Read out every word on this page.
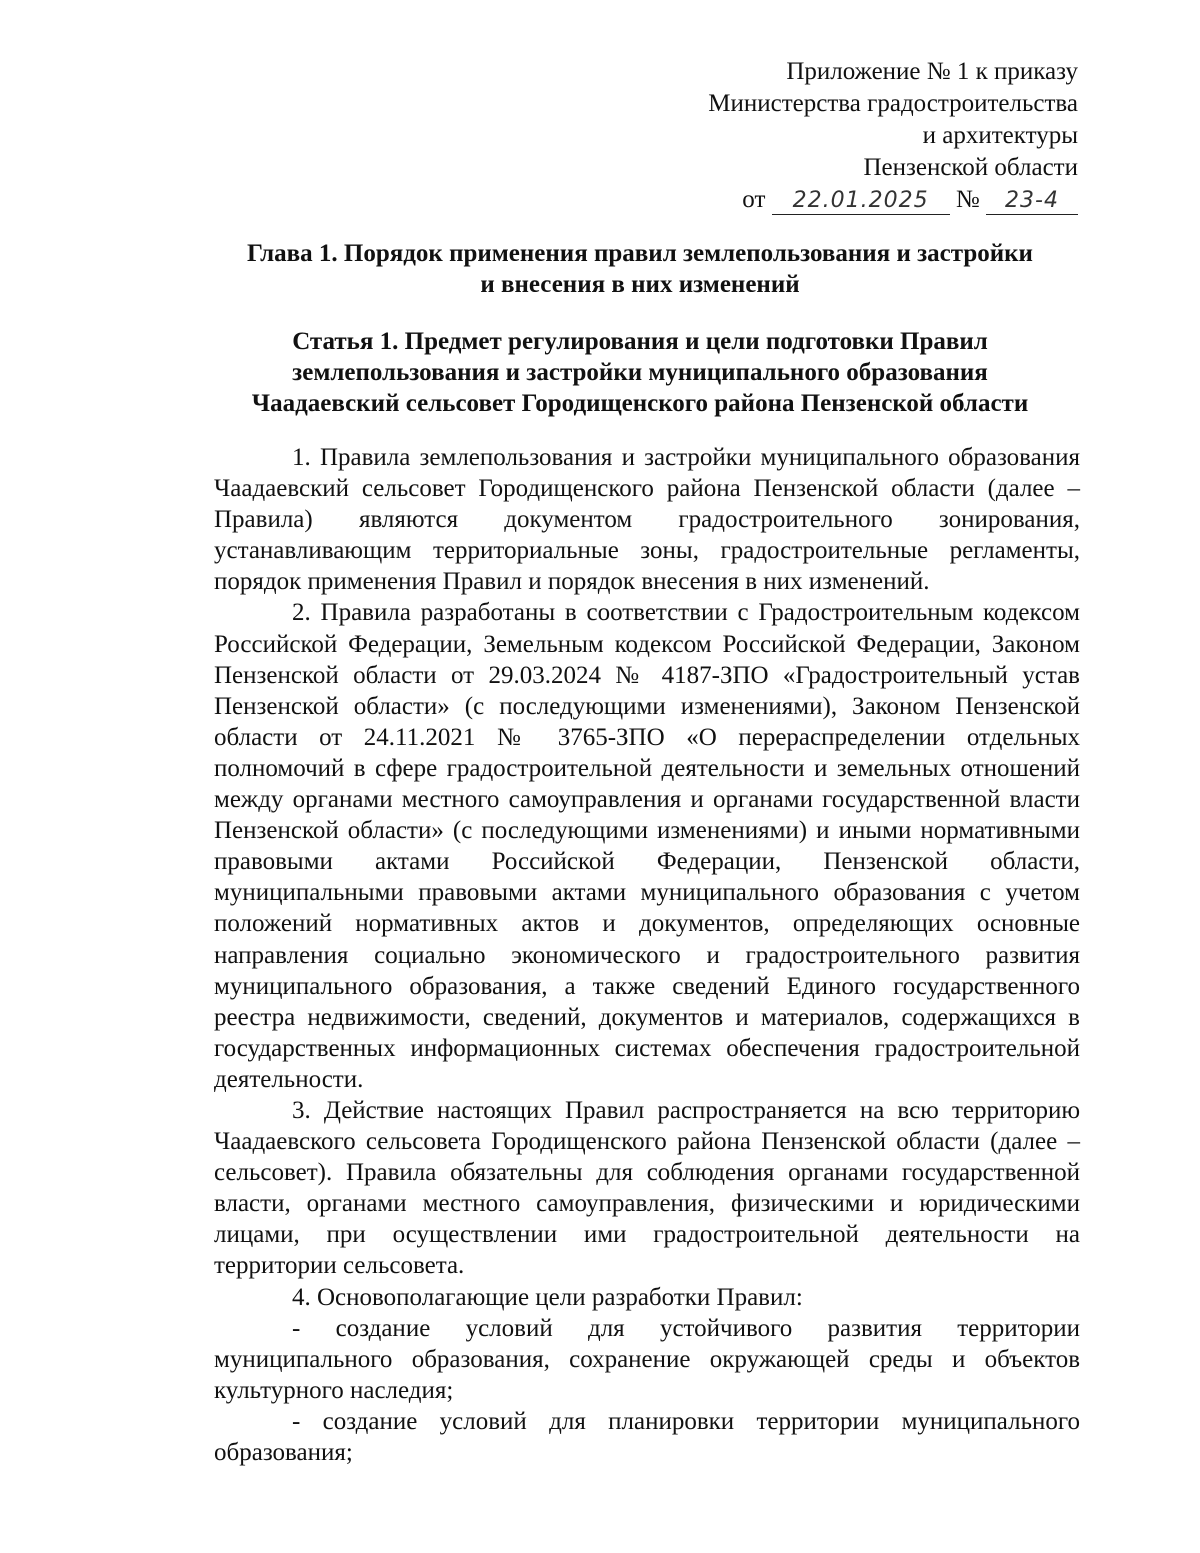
Приложение № 1 к приказу
Министерства градостроительства
и архитектуры
Пензенской области
от 22.01.2025 № 23-4
Глава 1. Порядок применения правил землепользования и застройки
и внесения в них изменений
Статья 1. Предмет регулирования и цели подготовки Правил
землепользования и застройки муниципального образования
Чаадаевский сельсовет Городищенского района Пензенской области

1. Правила землепользования и застройки муниципального образования Чаадаевский сельсовет Городищенского района Пензенской области (далее – Правила) являются документом градостроительного зонирования, устанавливающим территориальные зоны, градостроительные регламенты, порядок применения Правил и порядок внесения в них изменений.

2. Правила разработаны в соответствии с Градостроительным кодексом Российской Федерации, Земельным кодексом Российской Федерации, Законом Пензенской области от 29.03.2024 № 4187-ЗПО «Градостроительный устав Пензенской области» (с последующими изменениями), Законом Пензенской области от 24.11.2021 № 3765-ЗПО «О перераспределении отдельных полномочий в сфере градостроительной деятельности и земельных отношений между органами местного самоуправления и органами государственной власти Пензенской области» (с последующими изменениями) и иными нормативными правовыми актами Российской Федерации, Пензенской области, муниципальными правовыми актами муниципального образования с учетом положений нормативных актов и документов, определяющих основные направления социально экономического и градостроительного развития муниципального образования, а также сведений Единого государственного реестра недвижимости, сведений, документов и материалов, содержащихся в государственных информационных системах обеспечения градостроительной деятельности.

3. Действие настоящих Правил распространяется на всю территорию Чаадаевского сельсовета Городищенского района Пензенской области (далее – сельсовет). Правила обязательны для соблюдения органами государственной власти, органами местного самоуправления, физическими и юридическими лицами, при осуществлении ими градостроительной деятельности на территории сельсовета.

4. Основополагающие цели разработки Правил:

- создание условий для устойчивого развития территории муниципального образования, сохранение окружающей среды и объектов культурного наследия;

- создание условий для планировки территории муниципального образования;
